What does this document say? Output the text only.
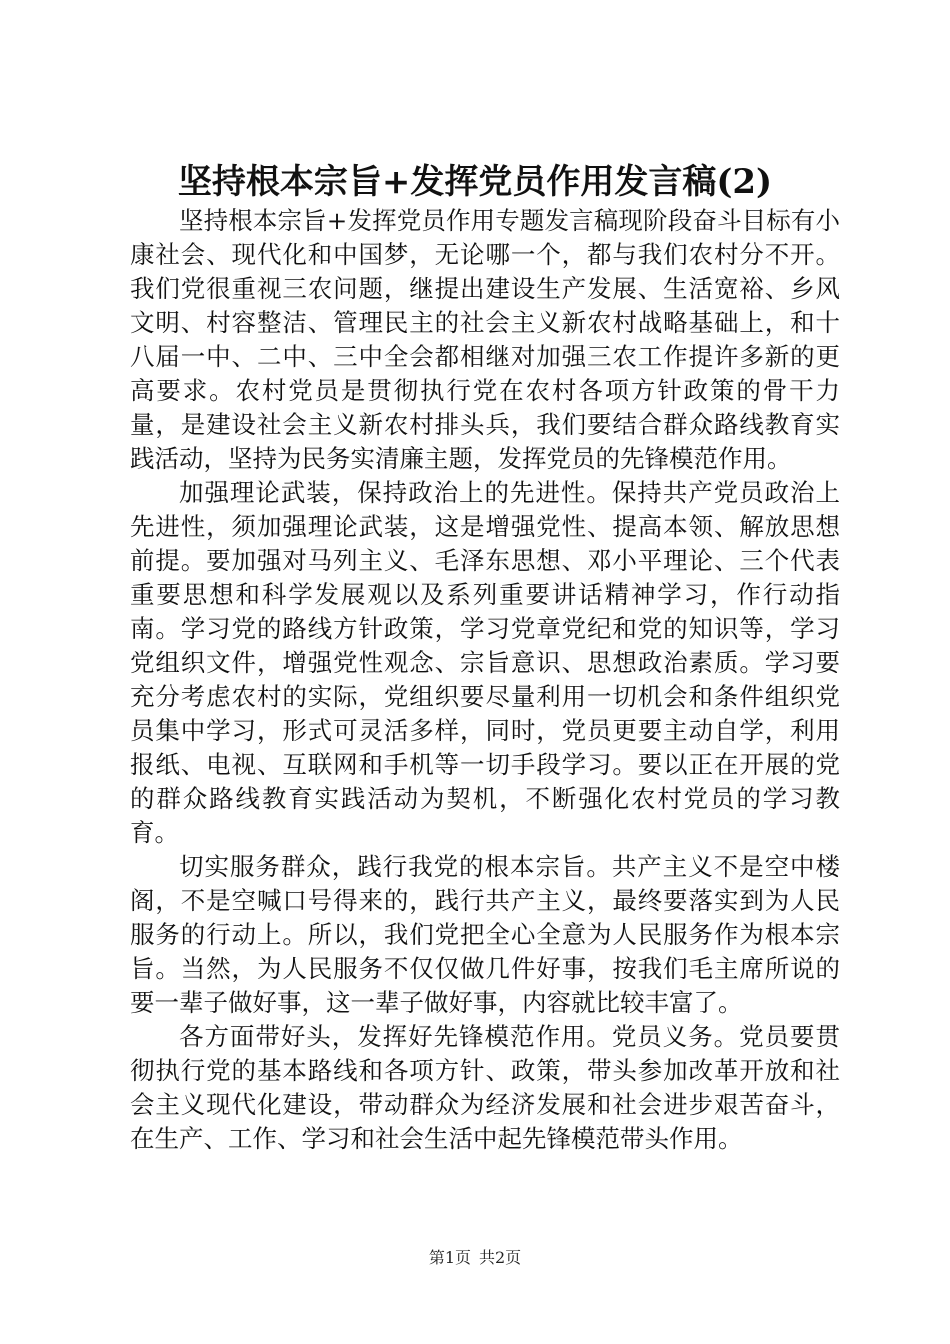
坚持根本宗旨+发挥党员作用发言稿(2)

坚持根本宗旨+发挥党员作用专题发言稿现阶段奋斗目标有小康社会、现代化和中国梦，无论哪一个，都与我们农村分不开。我们党很重视三农问题，继提出建设生产发展、生活宽裕、乡风文明、村容整洁、管理民主的社会主义新农村战略基础上，和十八届一中、二中、三中全会都相继对加强三农工作提许多新的更高要求。农村党员是贯彻执行党在农村各项方针政策的骨干力量，是建设社会主义新农村排头兵，我们要结合群众路线教育实践活动，坚持为民务实清廉主题，发挥党员的先锋模范作用。

加强理论武装，保持政治上的先进性。保持共产党员政治上先进性，须加强理论武装，这是增强党性、提高本领、解放思想前提。要加强对马列主义、毛泽东思想、邓小平理论、三个代表重要思想和科学发展观以及系列重要讲话精神学习，作行动指南。学习党的路线方针政策，学习党章党纪和党的知识等，学习党组织文件，增强党性观念、宗旨意识、思想政治素质。学习要充分考虑农村的实际，党组织要尽量利用一切机会和条件组织党员集中学习，形式可灵活多样，同时，党员更要主动自学，利用报纸、电视、互联网和手机等一切手段学习。要以正在开展的党的群众路线教育实践活动为契机，不断强化农村党员的学习教育。

切实服务群众，践行我党的根本宗旨。共产主义不是空中楼阁，不是空喊口号得来的，践行共产主义，最终要落实到为人民服务的行动上。所以，我们党把全心全意为人民服务作为根本宗旨。当然，为人民服务不仅仅做几件好事，按我们毛主席所说的要一辈子做好事，这一辈子做好事，内容就比较丰富了。

各方面带好头，发挥好先锋模范作用。党员义务。党员要贯彻执行党的基本路线和各项方针、政策，带头参加改革开放和社会主义现代化建设，带动群众为经济发展和社会进步艰苦奋斗，在生产、工作、学习和社会生活中起先锋模范带头作用。

第1页 共2页
